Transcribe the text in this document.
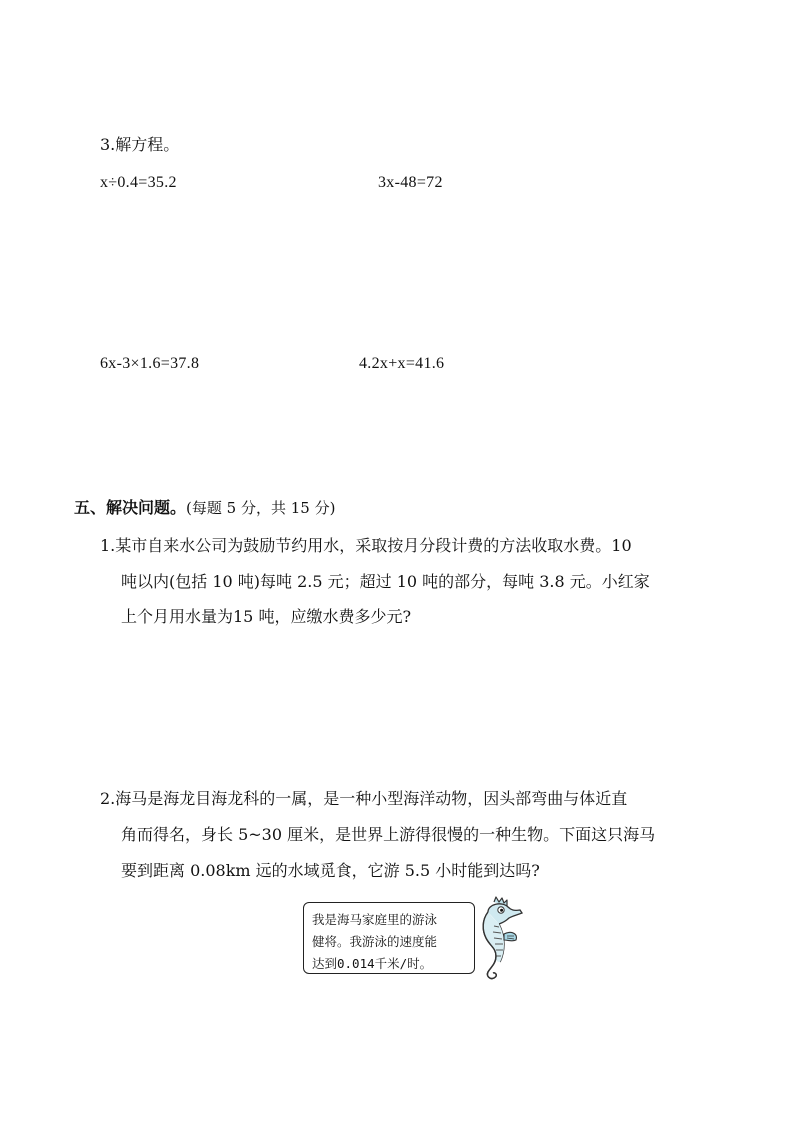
3.解方程。
x÷0.4=35.2	3x-48=72
6x-3×1.6=37.8	4.2x+x=41.6
五、解决问题。(每题 5 分，共 15 分)
1.某市自来水公司为鼓励节约用水，采取按月分段计费的方法收取水费。10
吨以内(包括 10 吨)每吨 2.5 元；超过 10 吨的部分，每吨 3.8 元。小红家
上个月用水量为15 吨，应缴水费多少元?
2.海马是海龙目海龙科的一属，是一种小型海洋动物，因头部弯曲与体近直
角而得名，身长 5~30 厘米，是世界上游得很慢的一种生物。下面这只海马
要到距离 0.08km 远的水域觅食，它游 5.5 小时能到达吗?
我是海马家庭里的游泳
健将。我游泳的速度能
达到0.014千米/时。
